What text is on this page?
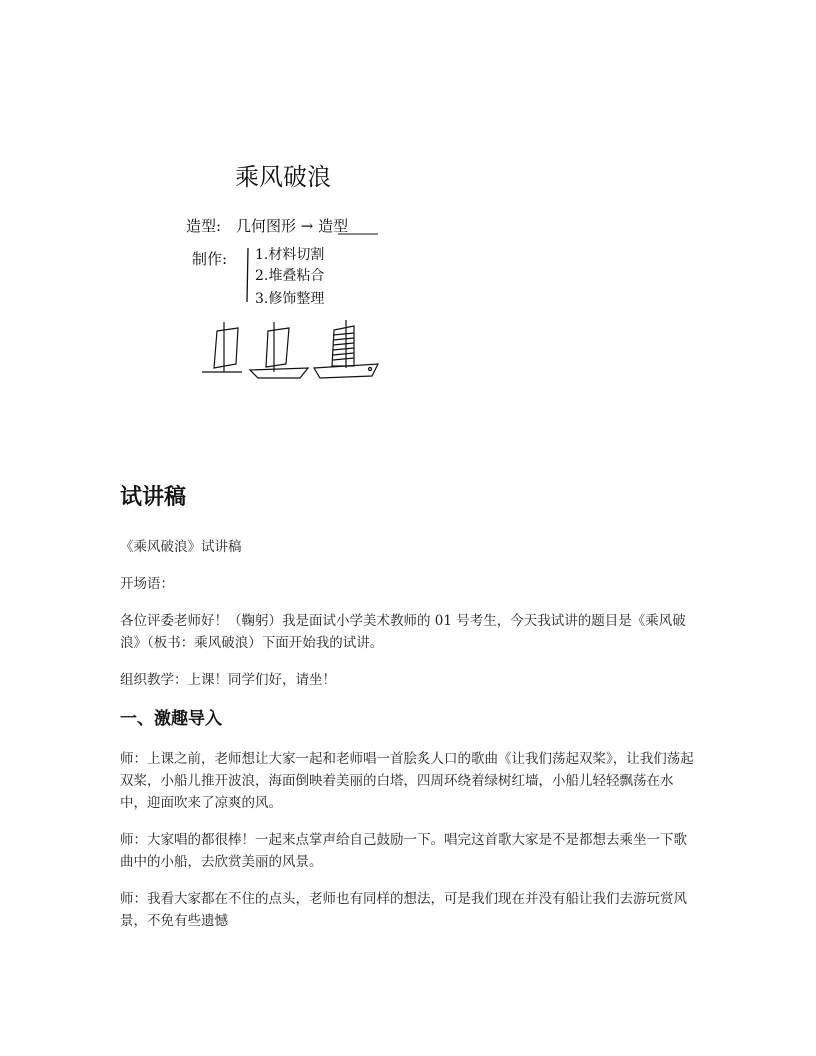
乘风破浪
造型: 几何图形 → 造型
制作: 1.材料切割
2.堆叠粘合
3.修饰整理
试讲稿

《乘风破浪》试讲稿

开场语：

各位评委老师好！（鞠躬）我是面试小学美术教师的 01 号考生，今天我试讲的题目是《乘风破浪》（板书：乘风破浪）下面开始我的试讲。

组织教学：上课！同学们好，请坐！

一、激趣导入

师：上课之前，老师想让大家一起和老师唱一首脍炙人口的歌曲《让我们荡起双桨》，让我们荡起双桨，小船儿推开波浪，海面倒映着美丽的白塔，四周环绕着绿树红墙，小船儿轻轻飘荡在水中，迎面吹来了凉爽的风。

师：大家唱的都很棒！一起来点掌声给自己鼓励一下。唱完这首歌大家是不是都想去乘坐一下歌曲中的小船，去欣赏美丽的风景。

师：我看大家都在不住的点头，老师也有同样的想法，可是我们现在并没有船让我们去游玩赏风景，不免有些遗憾
